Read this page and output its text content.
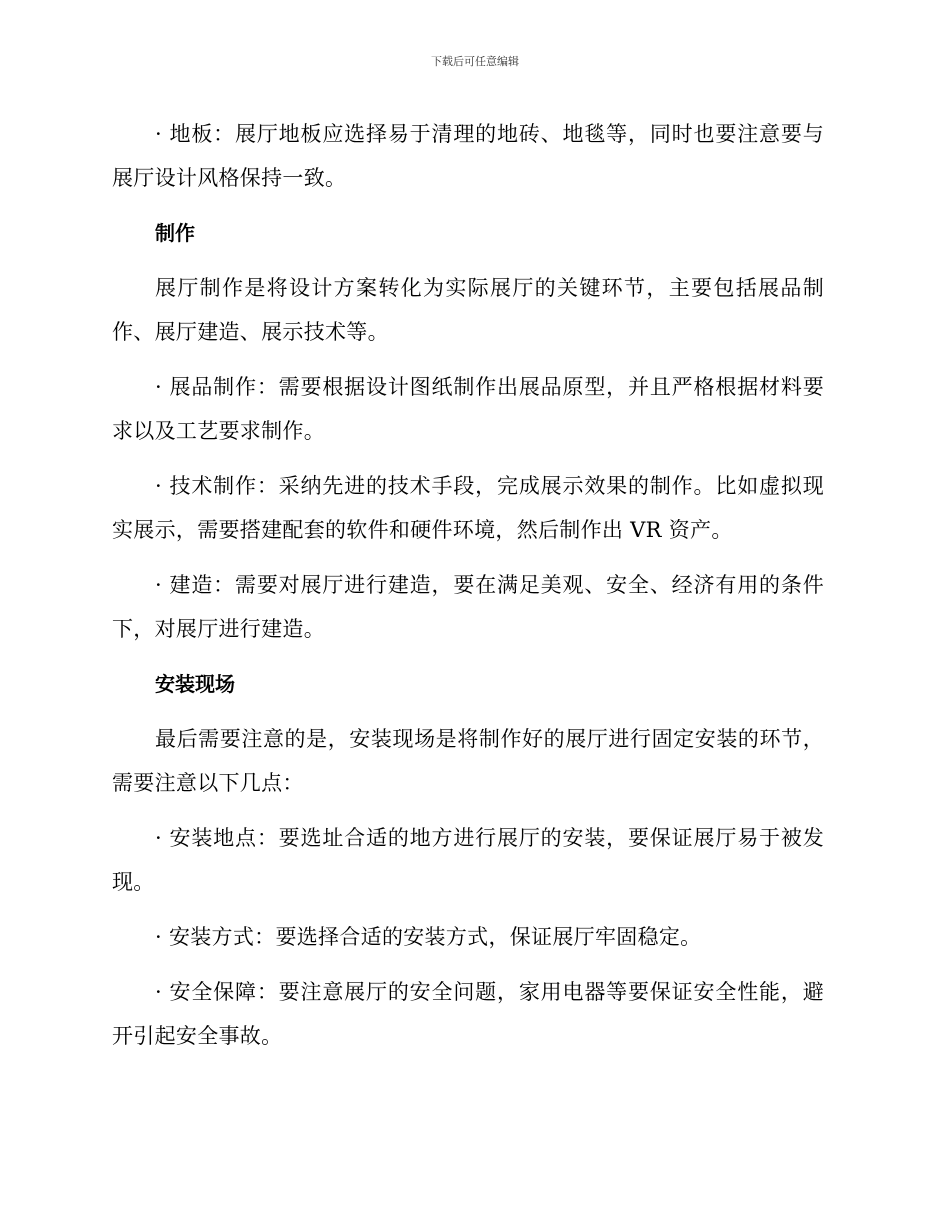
下载后可任意编辑

· 地板：展厅地板应选择易于清理的地砖、地毯等，同时也要注意要与展厅设计风格保持一致。

制作

展厅制作是将设计方案转化为实际展厅的关键环节，主要包括展品制作、展厅建造、展示技术等。

· 展品制作：需要根据设计图纸制作出展品原型，并且严格根据材料要求以及工艺要求制作。

· 技术制作：采纳先进的技术手段，完成展示效果的制作。比如虚拟现实展示，需要搭建配套的软件和硬件环境，然后制作出 VR 资产。

· 建造：需要对展厅进行建造，要在满足美观、安全、经济有用的条件下，对展厅进行建造。

安装现场

最后需要注意的是，安装现场是将制作好的展厅进行固定安装的环节，需要注意以下几点：

· 安装地点：要选址合适的地方进行展厅的安装，要保证展厅易于被发现。

· 安装方式：要选择合适的安装方式，保证展厅牢固稳定。

· 安全保障：要注意展厅的安全问题，家用电器等要保证安全性能，避开引起安全事故。
